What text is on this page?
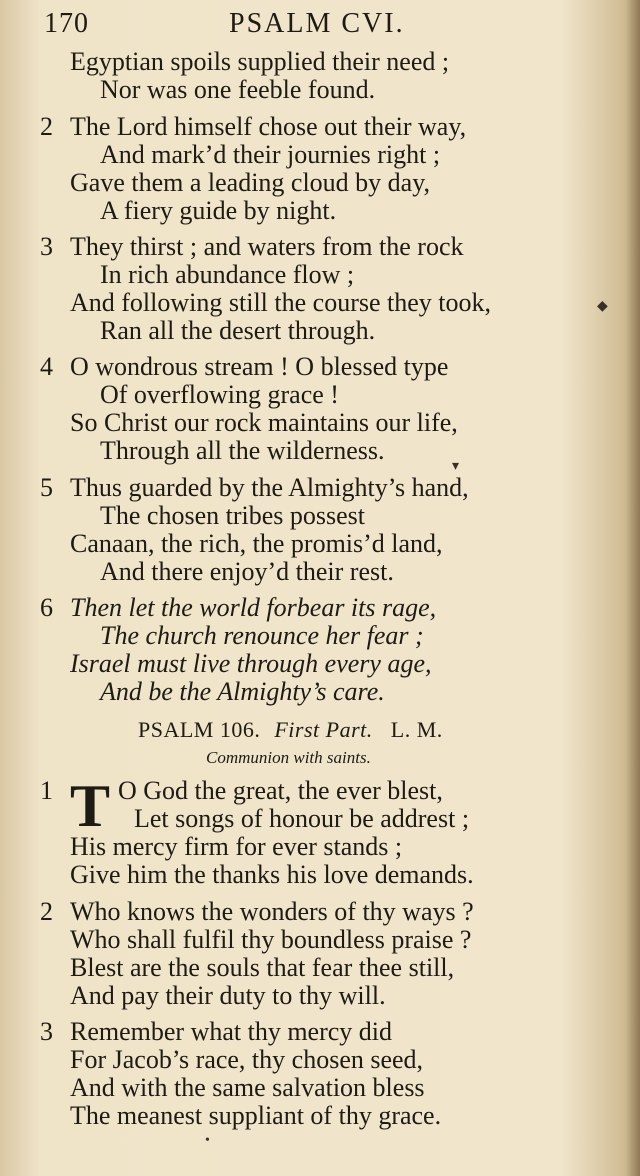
170	PSALM CVI.
Egyptian spoils supplied their need ;
Nor was one feeble found.
2 The Lord himself chose out their way,
And mark’d their journies right ;
Gave them a leading cloud by day,
A fiery guide by night.
3 They thirst ; and waters from the rock
In rich abundance flow ;
And following still the course they took,
Ran all the desert through.
4 O wondrous stream ! O blessed type
Of overflowing grace !
So Christ our rock maintains our life,
Through all the wilderness.
5 Thus guarded by the Almighty’s hand,
The chosen tribes possest
Canaan, the rich, the promis’d land,
And there enjoy’d their rest.
6 Then let the world forbear its rage,
The church renounce her fear ;
Israel must live through every age,
And be the Almighty’s care.
PSALM 106. First Part. L. M.
Communion with saints.
T
1	O God the great, the ever blest,
Let songs of honour be addrest ;
His mercy firm for ever stands ;
Give him the thanks his love demands.
2 Who knows the wonders of thy ways ?
Who shall fulfil thy boundless praise ?
Blest are the souls that fear thee still,
And pay their duty to thy will.
3 Remember what thy mercy did
For Jacob’s race, thy chosen seed,
And with the same salvation bless
The meanest suppliant of thy grace.
◆
▾
•
